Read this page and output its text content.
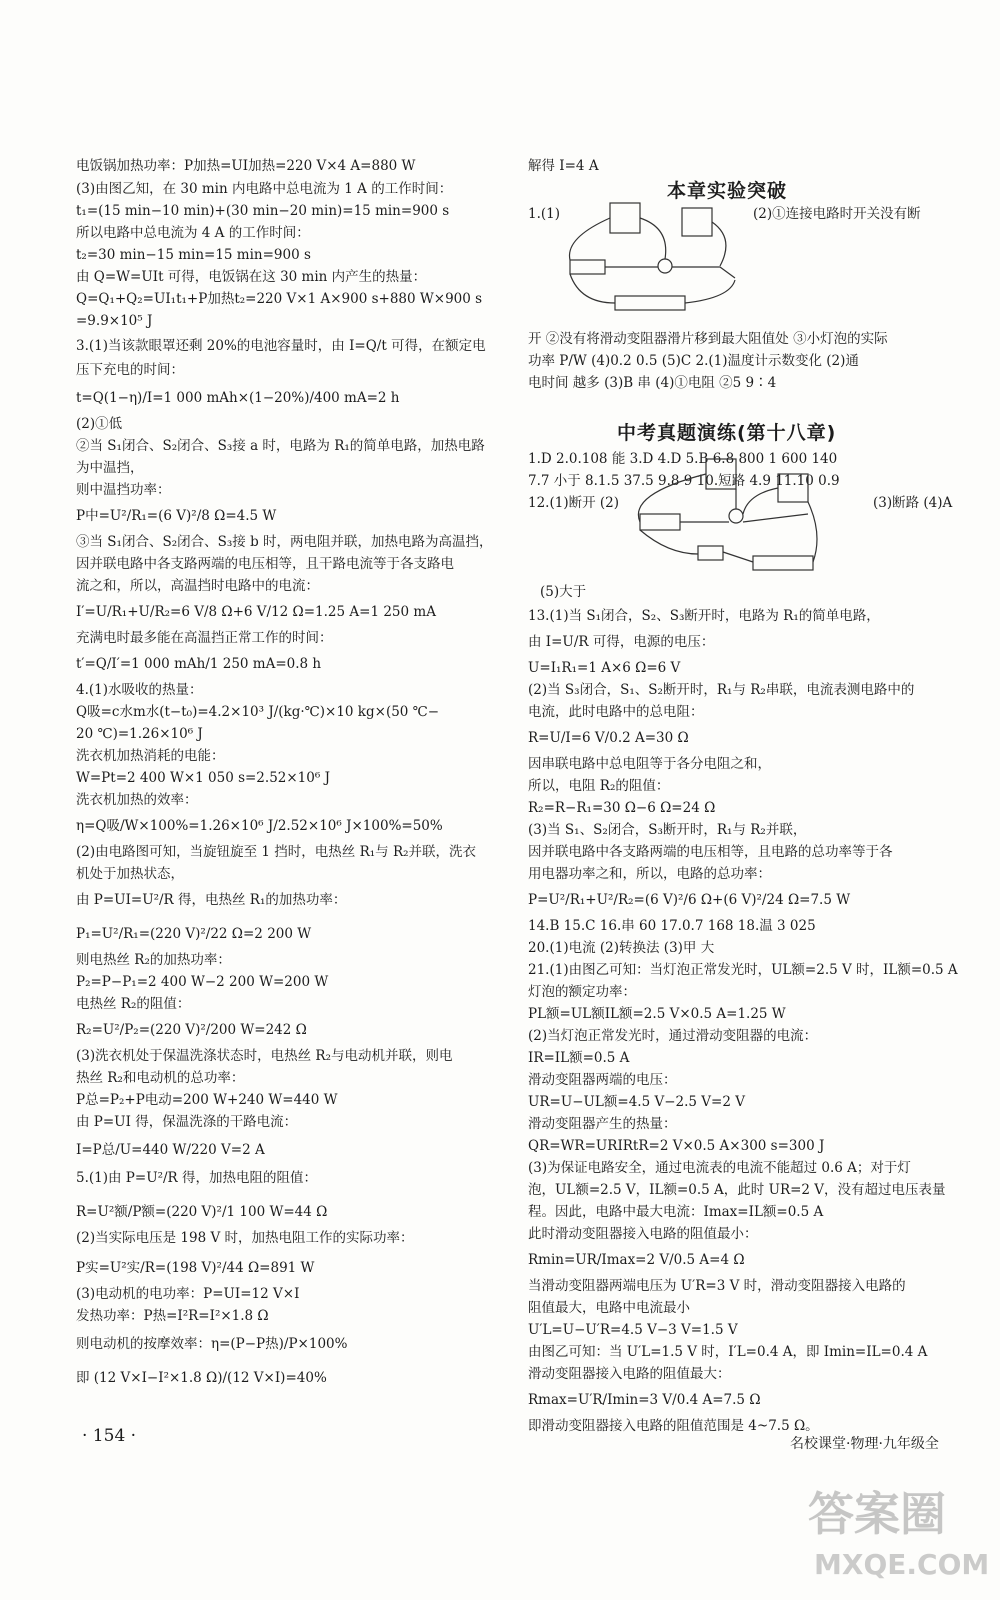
电饭锅加热功率：P加热=UI加热=220 V×4 A=880 W
(3)由图乙知，在 30 min 内电路中总电流为 1 A 的工作时间：
t₁=(15 min−10 min)+(30 min−20 min)=15 min=900 s
所以电路中总电流为 4 A 的工作时间：
t₂=30 min−15 min=15 min=900 s
由 Q=W=UIt 可得，电饭锅在这 30 min 内产生的热量：
Q=Q₁+Q₂=UI₁t₁+P加热t₂=220 V×1 A×900 s+880 W×900 s
=9.9×10⁵ J
3.(1)当该款眼罩还剩 20%的电池容量时，由 I=Q/t 可得，在额定电
压下充电的时间：
t=Q(1−η)/I=1 000 mAh×(1−20%)/400 mA=2 h
(2)①低
②当 S₁闭合、S₂闭合、S₃接 a 时，电路为 R₁的简单电路，加热电路
为中温挡，
则中温挡功率：
P中=U²/R₁=(6 V)²/8 Ω=4.5 W
③当 S₁闭合、S₂闭合、S₃接 b 时，两电阻并联，加热电路为高温挡，
因并联电路中各支路两端的电压相等，且干路电流等于各支路电
流之和，所以，高温挡时电路中的电流：
I′=U/R₁+U/R₂=6 V/8 Ω+6 V/12 Ω=1.25 A=1 250 mA
充满电时最多能在高温挡正常工作的时间：
t′=Q/I′=1 000 mAh/1 250 mA=0.8 h
4.(1)水吸收的热量：
Q吸=c水m水(t−t₀)=4.2×10³ J/(kg·℃)×10 kg×(50 ℃−
20 ℃)=1.26×10⁶ J
洗衣机加热消耗的电能：
W=Pt=2 400 W×1 050 s=2.52×10⁶ J
洗衣机加热的效率：
η=Q吸/W×100%=1.26×10⁶ J/2.52×10⁶ J×100%=50%
(2)由电路图可知，当旋钮旋至 1 挡时，电热丝 R₁与 R₂并联，洗衣
机处于加热状态，
由 P=UI=U²/R 得，电热丝 R₁的加热功率：
P₁=U²/R₁=(220 V)²/22 Ω=2 200 W
则电热丝 R₂的加热功率：
P₂=P−P₁=2 400 W−2 200 W=200 W
电热丝 R₂的阻值：
R₂=U²/P₂=(220 V)²/200 W=242 Ω
(3)洗衣机处于保温洗涤状态时，电热丝 R₂与电动机并联，则电
热丝 R₂和电动机的总功率：
P总=P₂+P电动=200 W+240 W=440 W
由 P=UI 得，保温洗涤的干路电流：
I=P总/U=440 W/220 V=2 A
5.(1)由 P=U²/R 得，加热电阻的阻值：
R=U²额/P额=(220 V)²/1 100 W=44 Ω
(2)当实际电压是 198 V 时，加热电阻工作的实际功率：
P实=U²实/R=(198 V)²/44 Ω=891 W
(3)电动机的电功率：P=UI=12 V×I
发热功率：P热=I²R=I²×1.8 Ω
则电动机的按摩效率：η=(P−P热)/P×100%
即 (12 V×I−I²×1.8 Ω)/(12 V×I)=40%
解得 I=4 A
1.(1)	(2)①连接电路时开关没有断
开 ②没有将滑动变阻器滑片移到最大阻值处 ③小灯泡的实际
功率 P/W (4)0.2 0.5 (5)C 2.(1)温度计示数变化 (2)通
电时间 越多 (3)B 串 (4)①电阻 ②5 9∶4
1.D 2.0.108 能 3.D 4.D 5.B 6.8 800 1 600 140
7.7 小于 8.1.5 37.5 9.8 9 10.短路 4.9 11.10 0.9
12.(1)断开 (2)	(3)断路 (4)A
(5)大于
13.(1)当 S₁闭合，S₂、S₃断开时，电路为 R₁的简单电路，
由 I=U/R 可得，电源的电压：
U=I₁R₁=1 A×6 Ω=6 V
(2)当 S₃闭合，S₁、S₂断开时，R₁与 R₂串联，电流表测电路中的
电流，此时电路中的总电阻：
R=U/I=6 V/0.2 A=30 Ω
因串联电路中总电阻等于各分电阻之和，
所以，电阻 R₂的阻值：
R₂=R−R₁=30 Ω−6 Ω=24 Ω
(3)当 S₁、S₂闭合，S₃断开时，R₁与 R₂并联，
因并联电路中各支路两端的电压相等，且电路的总功率等于各
用电器功率之和，所以，电路的总功率：
P=U²/R₁+U²/R₂=(6 V)²/6 Ω+(6 V)²/24 Ω=7.5 W
14.B 15.C 16.串 60 17.0.7 168 18.温 3 025
20.(1)电流 (2)转换法 (3)甲 大
21.(1)由图乙可知：当灯泡正常发光时，UL额=2.5 V 时，IL额=0.5 A
灯泡的额定功率：
PL额=UL额IL额=2.5 V×0.5 A=1.25 W
(2)当灯泡正常发光时，通过滑动变阻器的电流：
IR=IL额=0.5 A
滑动变阻器两端的电压：
UR=U−UL额=4.5 V−2.5 V=2 V
滑动变阻器产生的热量：
QR=WR=URIRtR=2 V×0.5 A×300 s=300 J
(3)为保证电路安全，通过电流表的电流不能超过 0.6 A；对于灯
泡，UL额=2.5 V，IL额=0.5 A，此时 UR=2 V，没有超过电压表量
程。因此，电路中最大电流：Imax=IL额=0.5 A
此时滑动变阻器接入电路的阻值最小：
Rmin=UR/Imax=2 V/0.5 A=4 Ω
当滑动变阻器两端电压为 U′R=3 V 时，滑动变阻器接入电路的
阻值最大，电路中电流最小
U′L=U−U′R=4.5 V−3 V=1.5 V
由图乙可知：当 U′L=1.5 V 时，I′L=0.4 A，即 Imin=IL=0.4 A
滑动变阻器接入电路的阻值最大：
Rmax=U′R/Imin=3 V/0.4 A=7.5 Ω
即滑动变阻器接入电路的阻值范围是 4~7.5 Ω。
本章实验突破
中考真题演练(第十八章)
· 154 ·	名校课堂·物理·九年级全
答案圈
MXQE.COM
